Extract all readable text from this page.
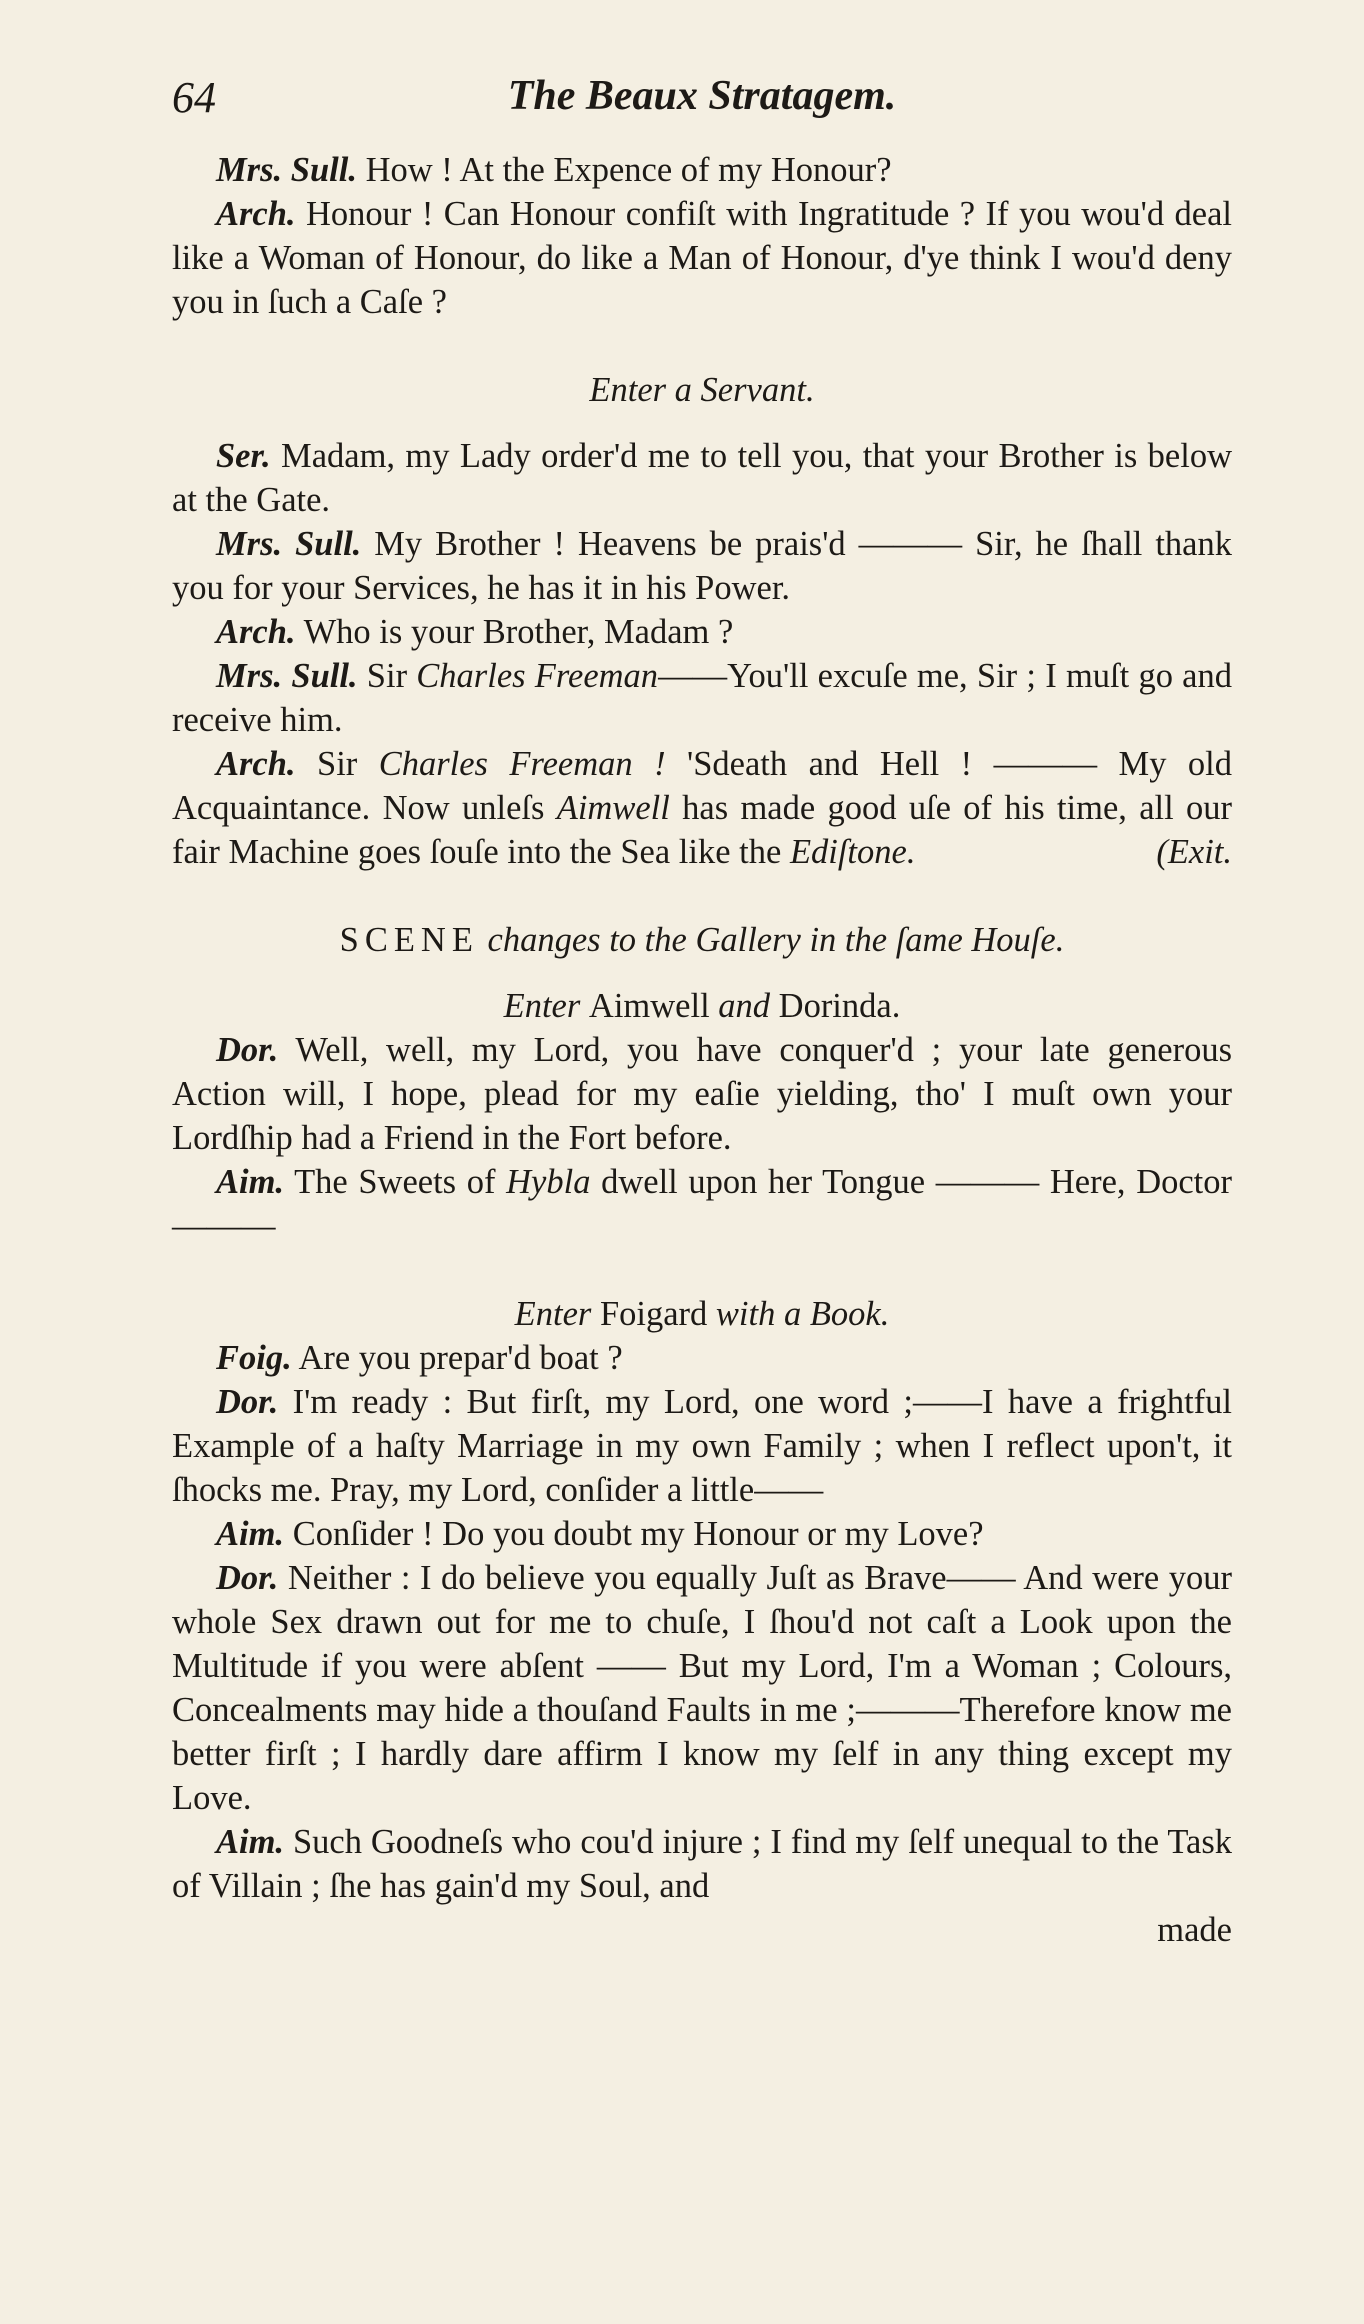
The Beaux Stratagem.
64

Mrs. Sull. How ! At the Expence of my Honour?

Arch. Honour ! Can Honour confiſt with Ingratitude ? If you wou'd deal like a Woman of Honour, do like a Man of Honour, d'ye think I wou'd deny you in ſuch a Caſe ?

Enter a Servant.

Ser. Madam, my Lady order'd me to tell you, that your Brother is below at the Gate.

Mrs. Sull. My Brother ! Heavens be prais'd ——— Sir, he ſhall thank you for your Services, he has it in his Power.

Arch. Who is your Brother, Madam ?

Mrs. Sull. Sir Charles Freeman——You'll excuſe me, Sir ; I muſt go and receive him.

Arch. Sir Charles Freeman ! 'Sdeath and Hell ! ——— My old Acquaintance. Now unleſs Aimwell has made good uſe of his time, all our fair Machine goes ſouſe into the Sea like the Ediſtone.	(Exit.

SCENE changes to the Gallery in the ſame Houſe.

Enter Aimwell and Dorinda.

Dor. Well, well, my Lord, you have conquer'd ; your late generous Action will, I hope, plead for my eaſie yielding, tho' I muſt own your Lordſhip had a Friend in the Fort before.

Aim. The Sweets of Hybla dwell upon her Tongue ——— Here, Doctor———

Enter Foigard with a Book.

Foig. Are you prepar'd boat ?

Dor. I'm ready : But firſt, my Lord, one word ;——I have a frightful Example of a haſty Marriage in my own Family ; when I reflect upon't, it ſhocks me. Pray, my Lord, conſider a little——

Aim. Conſider ! Do you doubt my Honour or my Love?

Dor. Neither : I do believe you equally Juſt as Brave—— And were your whole Sex drawn out for me to chuſe, I ſhou'd not caſt a Look upon the Multitude if you were abſent —— But my Lord, I'm a Woman ; Colours, Concealments may hide a thouſand Faults in me ;———Therefore know me better firſt ; I hardly dare affirm I know my ſelf in any thing except my Love.

Aim. Such Goodneſs who cou'd injure ; I find my ſelf unequal to the Task of Villain ; ſhe has gain'd my Soul, and

made
